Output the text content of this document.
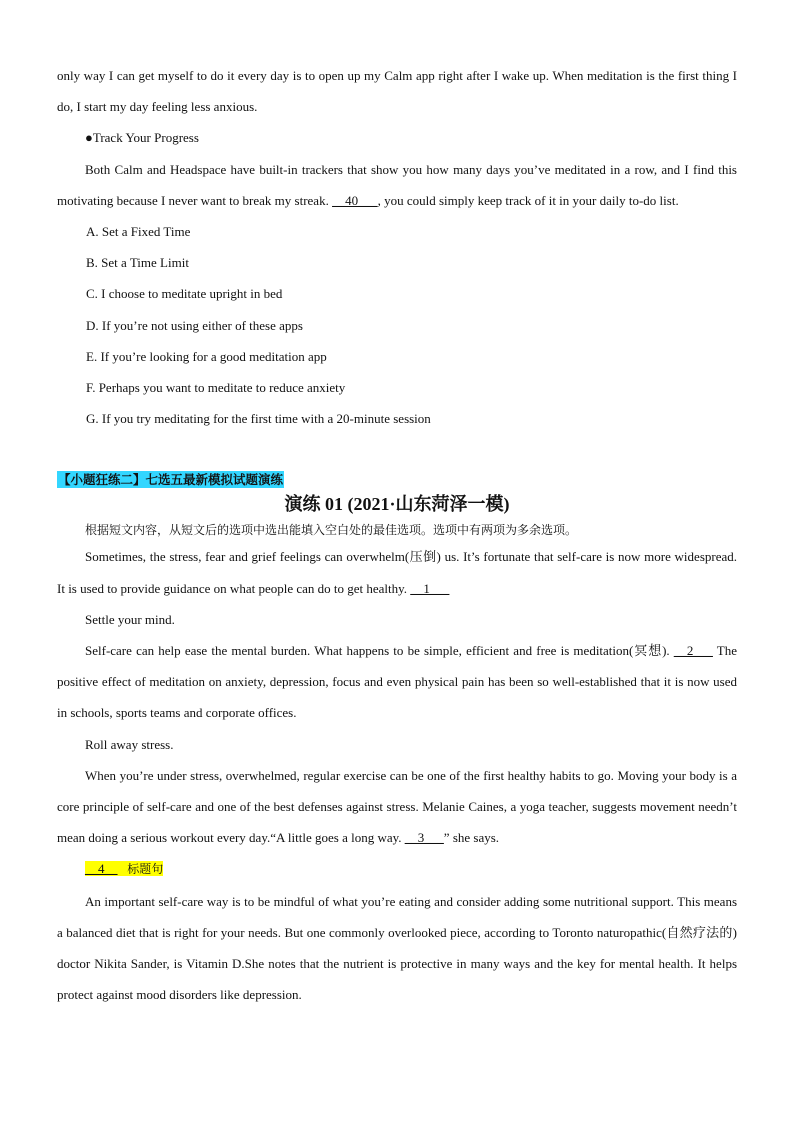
only way I can get myself to do it every day is to open up my Calm app right after I wake up. When meditation is the first thing I do, I start my day feeling less anxious.

●Track Your Progress

Both Calm and Headspace have built-in trackers that show you how many days you’ve meditated in a row, and I find this motivating because I never want to break my streak. __40___, you could simply keep track of it in your daily to-do list.

A. Set a Fixed Time

B. Set a Time Limit

C. I choose to meditate upright in bed

D. If you’re not using either of these apps

E. If you’re looking for a good meditation app

F. Perhaps you want to meditate to reduce anxiety

G. If you try meditating for the first time with a 20-minute session

【小题狂练二】七选五最新模拟试题演练
演练 01 (2021·山东菏泽一模)

根据短文内容，从短文后的选项中选出能填入空白处的最佳选项。选项中有两项为多余选项。

Sometimes, the stress, fear and grief feelings can overwhelm(压倒) us. It’s fortunate that self-care is now more widespread. It is used to provide guidance on what people can do to get healthy. __1___

Settle your mind.

Self-care can help ease the mental burden. What happens to be simple, efficient and free is meditation(冥想). __2___ The positive effect of meditation on anxiety, depression, focus and even physical pain has been so well-established that it is now used in schools, sports teams and corporate offices.

Roll away stress.

When you’re under stress, overwhelmed, regular exercise can be one of the first healthy habits to go. Moving your body is a core principle of self-care and one of the best defenses against stress. Melanie Caines, a yoga teacher, suggests movement needn’t mean doing a serious workout every day.“A little goes a long way. __3___” she says.

__4__ 标题句

An important self-care way is to be mindful of what you’re eating and consider adding some nutritional support. This means a balanced diet that is right for your needs. But one commonly overlooked piece, according to Toronto naturopathic(自然疗法的) doctor Nikita Sander, is Vitamin D.She notes that the nutrient is protective in many ways and the key for mental health. It helps protect against mood disorders like depression.
